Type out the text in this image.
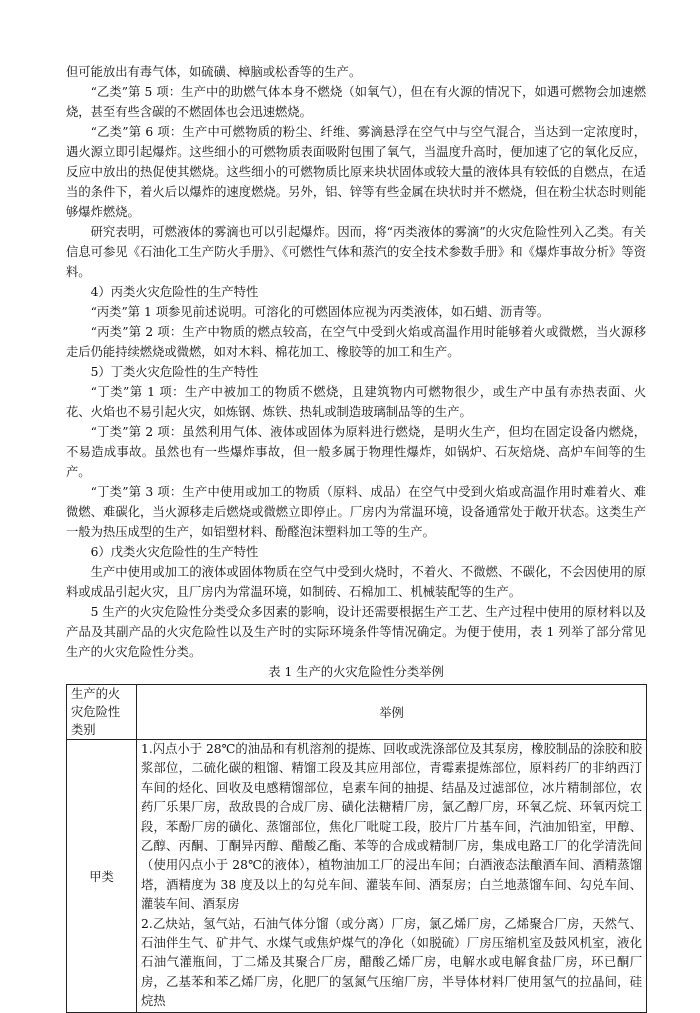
但可能放出有毒气体，如硫磺、樟脑或松香等的生产。

“乙类”第 5 项：生产中的助燃气体本身不燃烧（如氧气），但在有火源的情况下，如遇可燃物会加速燃烧，甚至有些含碳的不燃固体也会迅速燃烧。

“乙类”第 6 项：生产中可燃物质的粉尘、纤维、雾滴悬浮在空气中与空气混合，当达到一定浓度时，遇火源立即引起爆炸。这些细小的可燃物质表面吸附包围了氧气，当温度升高时，便加速了它的氧化反应，反应中放出的热促使其燃烧。这些细小的可燃物质比原来块状固体或较大量的液体具有较低的自燃点，在适当的条件下，着火后以爆炸的速度燃烧。另外，铝、锌等有些金属在块状时并不燃烧，但在粉尘状态时则能够爆炸燃烧。

研究表明，可燃液体的雾滴也可以引起爆炸。因而，将“丙类液体的雾滴”的火灾危险性列入乙类。有关信息可参见《石油化工生产防火手册》、《可燃性气体和蒸汽的安全技术参数手册》和《爆炸事故分析》等资料。

4）丙类火灾危险性的生产特性

“丙类”第 1 项参见前述说明。可溶化的可燃固体应视为丙类液体，如石蜡、沥青等。

“丙类”第 2 项：生产中物质的燃点较高，在空气中受到火焰或高温作用时能够着火或微燃，当火源移走后仍能持续燃烧或微燃，如对木料、棉花加工、橡胶等的加工和生产。

5）丁类火灾危险性的生产特性

“丁类”第 1 项：生产中被加工的物质不燃烧，且建筑物内可燃物很少，或生产中虽有赤热表面、火花、火焰也不易引起火灾，如炼钢、炼铁、热轧或制造玻璃制品等的生产。

“丁类”第 2 项：虽然利用气体、液体或固体为原料进行燃烧，是明火生产，但均在固定设备内燃烧，不易造成事故。虽然也有一些爆炸事故，但一般多属于物理性爆炸，如锅炉、石灰焙烧、高炉车间等的生产。

“丁类”第 3 项：生产中使用或加工的物质（原料、成品）在空气中受到火焰或高温作用时难着火、难微燃、难碳化，当火源移走后燃烧或微燃立即停止。厂房内为常温环境，设备通常处于敞开状态。这类生产一般为热压成型的生产，如铝塑材料、酚醛泡沫塑料加工等的生产。

6）戊类火灾危险性的生产特性

生产中使用或加工的液体或固体物质在空气中受到火烧时，不着火、不微燃、不碳化，不会因使用的原料或成品引起火灾，且厂房内为常温环境，如制砖、石棉加工、机械装配等的生产。

5 生产的火灾危险性分类受众多因素的影响，设计还需要根据生产工艺、生产过程中使用的原材料以及产品及其副产品的火灾危险性以及生产时的实际环境条件等情况确定。为便于使用，表 1 列举了部分常见生产的火灾危险性分类。

表 1 生产的火灾危险性分类举例

生产的火灾危险性类别	举例
甲类	1.闪点小于 28℃的油品和有机溶剂的提炼、回收或洗涤部位及其泵房，橡胶制品的涂胶和胶浆部位，二硫化碳的粗馏、精馏工段及其应用部位，青霉素提炼部位，原料药厂的非纳西汀车间的烃化、回收及电感精馏部位，皂素车间的抽提、结晶及过滤部位，冰片精制部位，农药厂乐果厂房，敌敌畏的合成厂房、磺化法糖精厂房，氯乙醇厂房，环氧乙烷、环氧丙烷工段，苯酚厂房的磺化、蒸馏部位，焦化厂吡啶工段，胶片厂片基车间，汽油加铅室，甲醇、乙醇、丙酮、丁酮异丙醇、醋酸乙酯、苯等的合成或精制厂房，集成电路工厂的化学清洗间（使用闪点小于 28℃的液体），植物油加工厂的浸出车间；白酒液态法酿酒车间、酒精蒸馏塔，酒精度为 38 度及以上的勾兑车间、灌装车间、酒泵房；白兰地蒸馏车间、勾兑车间、灌装车间、酒泵房

2.乙炔站，氢气站，石油气体分馏（或分离）厂房，氯乙烯厂房，乙烯聚合厂房，天然气、石油伴生气、矿井气、水煤气或焦炉煤气的净化（如脱硫）厂房压缩机室及鼓风机室，液化石油气灌瓶间，丁二烯及其聚合厂房，醋酸乙烯厂房，电解水或电解食盐厂房，环已酮厂房，乙基苯和苯乙烯厂房，化肥厂的氢氮气压缩厂房，半导体材料厂使用氢气的拉晶间，硅烷热
